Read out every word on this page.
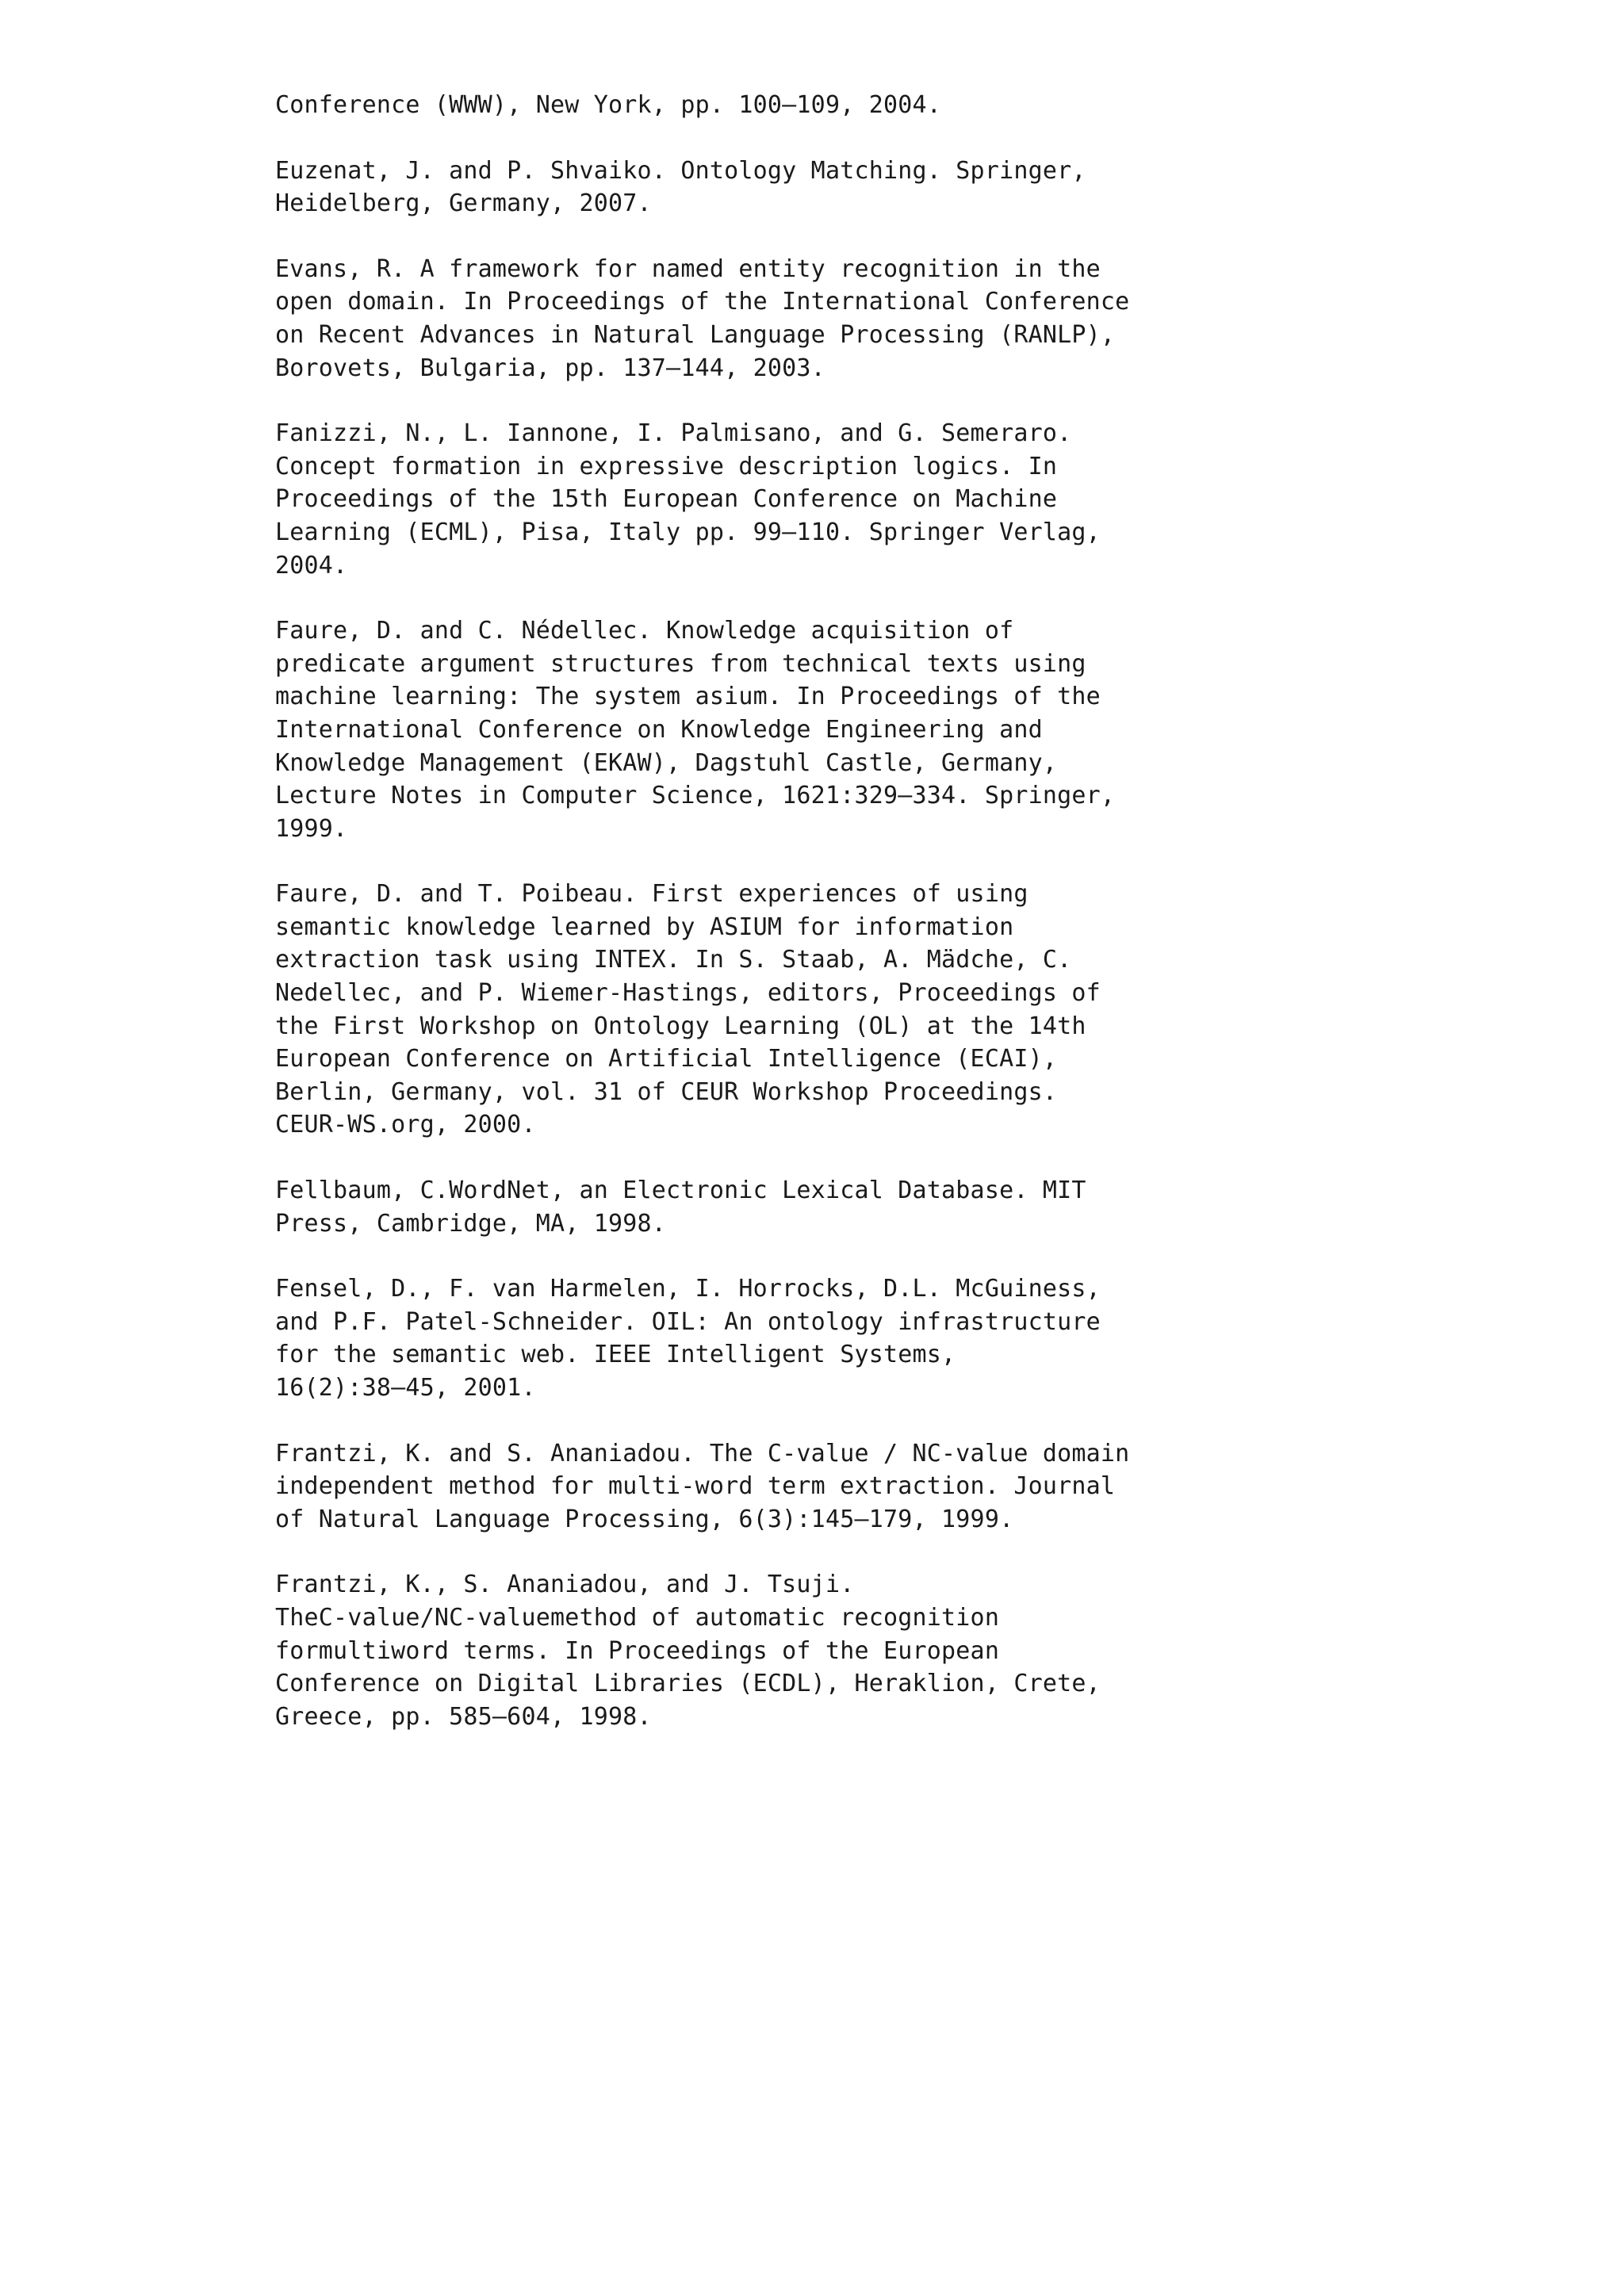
Conference (WWW), New York, pp. 100–109, 2004.
Euzenat, J. and P. Shvaiko. Ontology Matching. Springer,
Heidelberg, Germany, 2007.
Evans, R. A framework for named entity recognition in the
open domain. In Proceedings of the International Conference
on Recent Advances in Natural Language Processing (RANLP),
Borovets, Bulgaria, pp. 137–144, 2003.
Fanizzi, N., L. Iannone, I. Palmisano, and G. Semeraro.
Concept formation in expressive description logics. In
Proceedings of the 15th European Conference on Machine
Learning (ECML), Pisa, Italy pp. 99–110. Springer Verlag,
2004.
Faure, D. and C. Nédellec. Knowledge acquisition of
predicate argument structures from technical texts using
machine learning: The system asium. In Proceedings of the
International Conference on Knowledge Engineering and
Knowledge Management (EKAW), Dagstuhl Castle, Germany,
Lecture Notes in Computer Science, 1621:329–334. Springer,
1999.
Faure, D. and T. Poibeau. First experiences of using
semantic knowledge learned by ASIUM for information
extraction task using INTEX. In S. Staab, A. Mädche, C.
Nedellec, and P. Wiemer-Hastings, editors, Proceedings of
the First Workshop on Ontology Learning (OL) at the 14th
European Conference on Artificial Intelligence (ECAI),
Berlin, Germany, vol. 31 of CEUR Workshop Proceedings.
CEUR-WS.org, 2000.
Fellbaum, C.WordNet, an Electronic Lexical Database. MIT
Press, Cambridge, MA, 1998.
Fensel, D., F. van Harmelen, I. Horrocks, D.L. McGuiness,
and P.F. Patel-Schneider. OIL: An ontology infrastructure
for the semantic web. IEEE Intelligent Systems,
16(2):38–45, 2001.
Frantzi, K. and S. Ananiadou. The C-value / NC-value domain
independent method for multi-word term extraction. Journal
of Natural Language Processing, 6(3):145–179, 1999.
Frantzi, K., S. Ananiadou, and J. Tsuji.
TheC-value/NC-valuemethod of automatic recognition
formultiword terms. In Proceedings of the European
Conference on Digital Libraries (ECDL), Heraklion, Crete,
Greece, pp. 585–604, 1998.
